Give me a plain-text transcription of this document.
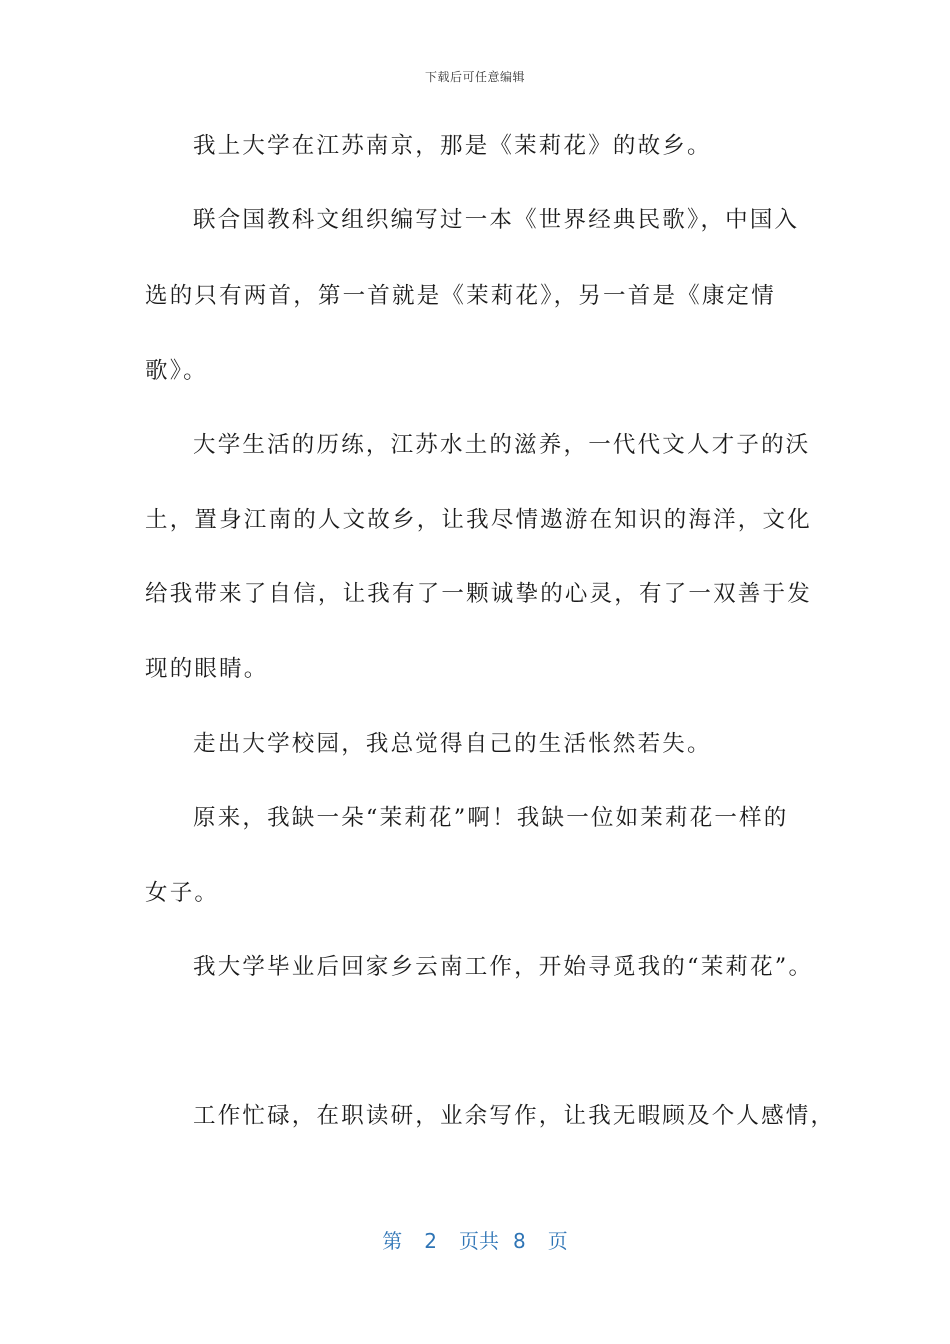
下载后可任意编辑
我上大学在江苏南京，那是《茉莉花》的故乡。
联合国教科文组织编写过一本《世界经典民歌》，中国入
选的只有两首，第一首就是《茉莉花》，另一首是《康定情
歌》。
大学生活的历练，江苏水土的滋养，一代代文人才子的沃
土，置身江南的人文故乡，让我尽情遨游在知识的海洋，文化
给我带来了自信，让我有了一颗诚挚的心灵，有了一双善于发
现的眼睛。
走出大学校园，我总觉得自己的生活怅然若失。
原来，我缺一朵“茉莉花”啊！我缺一位如茉莉花一样的
女子。
我大学毕业后回家乡云南工作，开始寻觅我的“茉莉花”。
工作忙碌，在职读研，业余写作，让我无暇顾及个人感情，
第 2 页共 8 页
